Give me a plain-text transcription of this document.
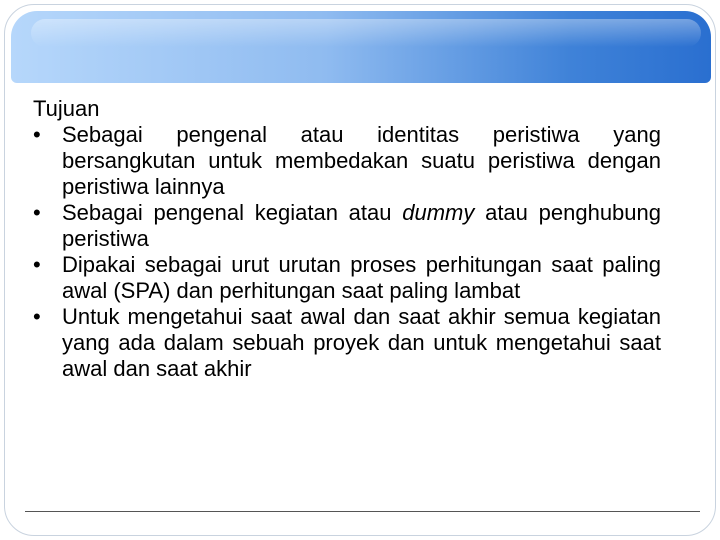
Tujuan

• Sebagai pengenal atau identitas peristiwa yang bersangkutan untuk membedakan suatu peristiwa dengan peristiwa lainnya
• Sebagai pengenal kegiatan atau dummy atau penghubung peristiwa
• Dipakai sebagai urut urutan proses perhitungan saat paling awal (SPA) dan perhitungan saat paling lambat
• Untuk mengetahui saat awal dan saat akhir semua kegiatan yang ada dalam sebuah proyek dan untuk mengetahui saat awal dan saat akhir
